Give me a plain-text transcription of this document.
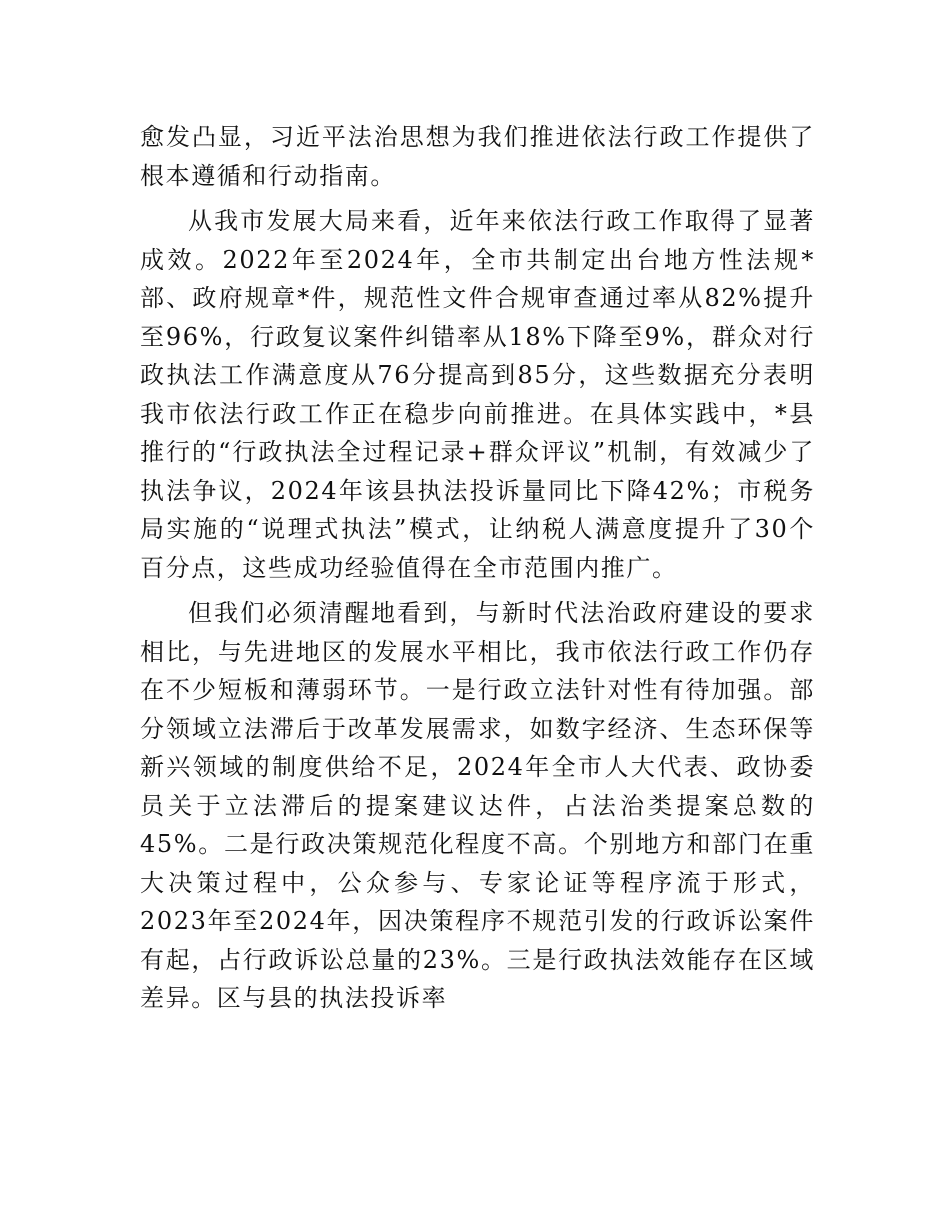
愈发凸显，习近平法治思想为我们推进依法行政工作提供了根本遵循和行动指南。

从我市发展大局来看，近年来依法行政工作取得了显著成效。2022年至2024年，全市共制定出台地方性法规*部、政府规章*件，规范性文件合规审查通过率从82%提升至96%，行政复议案件纠错率从18%下降至9%，群众对行政执法工作满意度从76分提高到85分，这些数据充分表明我市依法行政工作正在稳步向前推进。在具体实践中，*县推行的“行政执法全过程记录+群众评议”机制，有效减少了执法争议，2024年该县执法投诉量同比下降42%；市税务局实施的“说理式执法”模式，让纳税人满意度提升了30个百分点，这些成功经验值得在全市范围内推广。

但我们必须清醒地看到，与新时代法治政府建设的要求相比，与先进地区的发展水平相比，我市依法行政工作仍存在不少短板和薄弱环节。一是行政立法针对性有待加强。部分领域立法滞后于改革发展需求，如数字经济、生态环保等新兴领域的制度供给不足，2024年全市人大代表、政协委员关于立法滞后的提案建议达件，占法治类提案总数的45%。二是行政决策规范化程度不高。个别地方和部门在重大决策过程中，公众参与、专家论证等程序流于形式，2023年至2024年，因决策程序不规范引发的行政诉讼案件有起，占行政诉讼总量的23%。三是行政执法效能存在区域差异。区与县的执法投诉率
